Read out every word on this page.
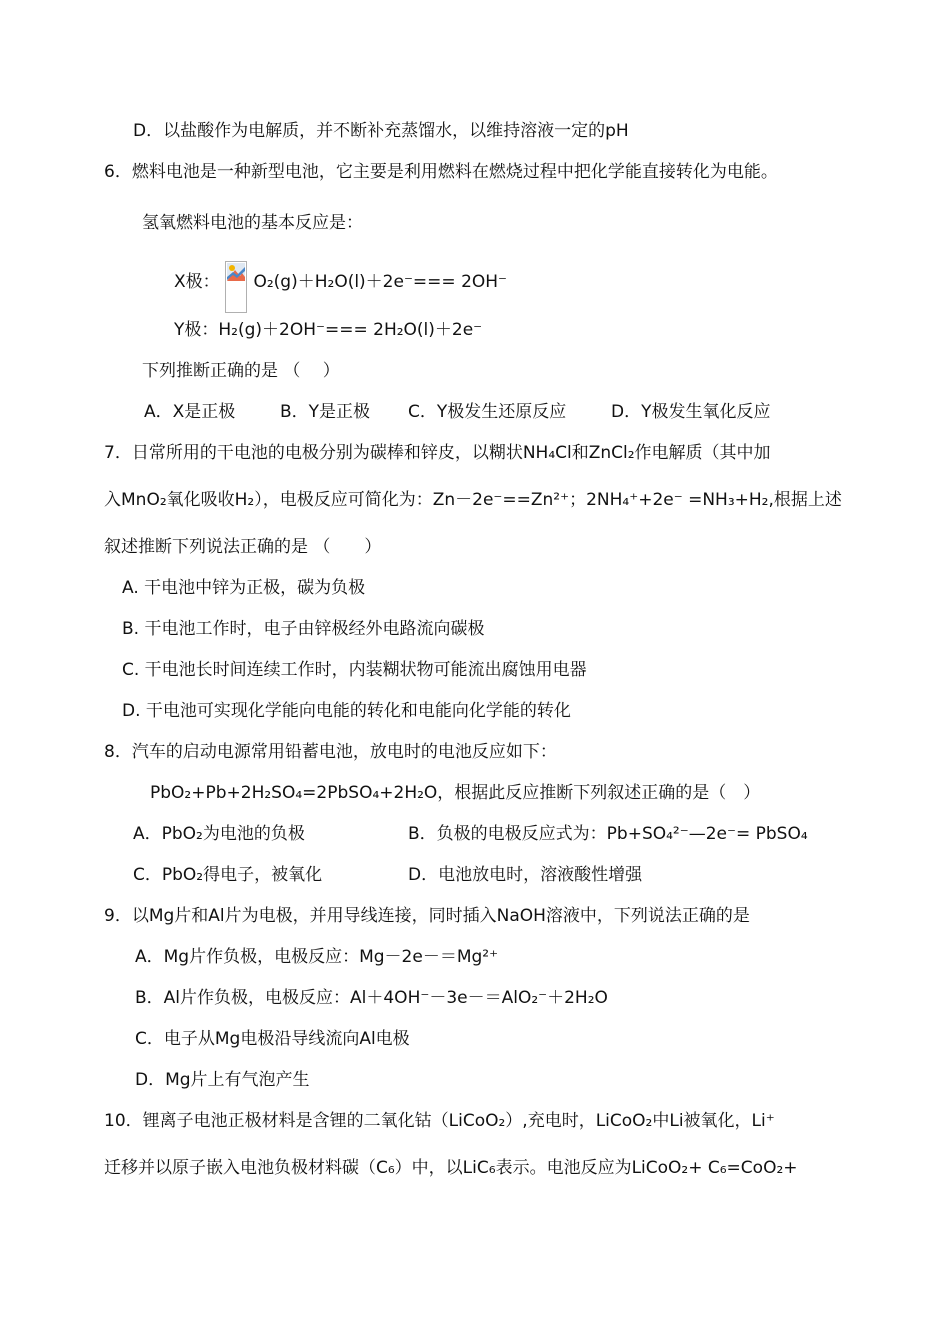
D．以盐酸作为电解质，并不断补充蒸馏水，以维持溶液一定的pH
6．燃料电池是一种新型电池，它主要是利用燃料在燃烧过程中把化学能直接转化为电能。
氢氧燃料电池的基本反应是：
X极： O₂(g)＋H₂O(l)＋2e⁻=== 2OH⁻
Y极：H₂(g)＋2OH⁻=== 2H₂O(l)＋2e⁻
下列推断正确的是 （　 ）
A．X是正极	B．Y是正极 C．Y极发生还原反应	D．Y极发生氧化反应
7．日常所用的干电池的电极分别为碳棒和锌皮，以糊状NH₄Cl和ZnCl₂作电解质（其中加
入MnO₂氧化吸收H₂），电极反应可简化为：Zn－2e⁻==Zn²⁺；2NH₄⁺+2e⁻ =NH₃+H₂,根据上述
叙述推断下列说法正确的是 （　　）
A. 干电池中锌为正极，碳为负极
B. 干电池工作时，电子由锌极经外电路流向碳极
C. 干电池长时间连续工作时，内装糊状物可能流出腐蚀用电器
D. 干电池可实现化学能向电能的转化和电能向化学能的转化
8．汽车的启动电源常用铅蓄电池，放电时的电池反应如下：
PbO₂+Pb+2H₂SO₄=2PbSO₄+2H₂O，根据此反应推断下列叙述正确的是（　）
A．PbO₂为电池的负极	B．负极的电极反应式为：Pb+SO₄²⁻—2e⁻= PbSO₄
C．PbO₂得电子，被氧化	D．电池放电时，溶液酸性增强
9．以Mg片和Al片为电极，并用导线连接，同时插入NaOH溶液中，下列说法正确的是
A．Mg片作负极，电极反应：Mg－2e－＝Mg²⁺
B．Al片作负极，电极反应：Al＋4OH⁻－3e－＝AlO₂⁻＋2H₂O
C．电子从Mg电极沿导线流向Al电极
D．Mg片上有气泡产生
10．锂离子电池正极材料是含锂的二氧化钴（LiCoO₂）,充电时，LiCoO₂中Li被氧化，Li⁺
迁移并以原子嵌入电池负极材料碳（C₆）中，以LiC₆表示。电池反应为LiCoO₂+ C₆=CoO₂+
